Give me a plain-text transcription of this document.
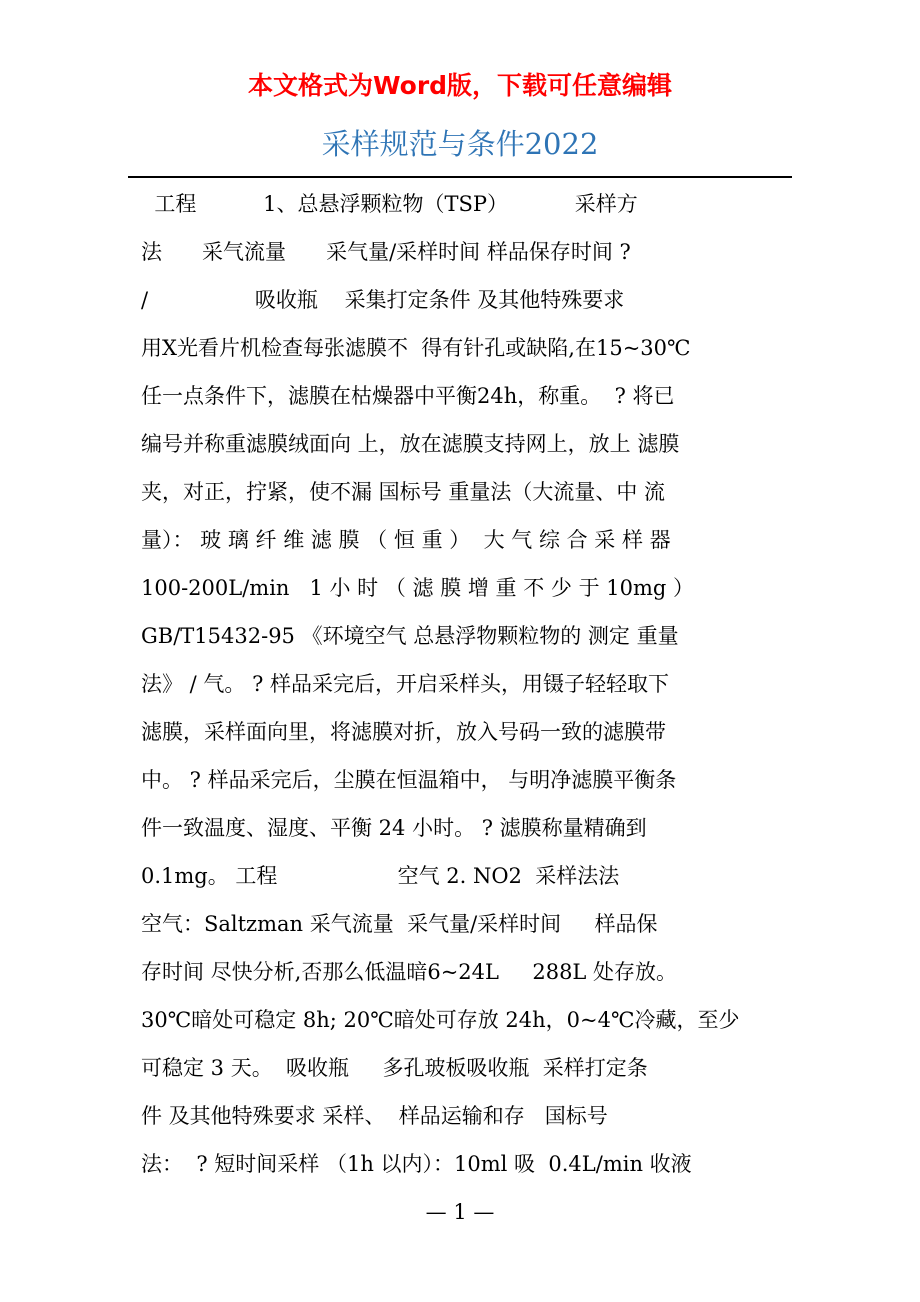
本文格式为Word版，下载可任意编辑
采样规范与条件2022
工程          1、总悬浮颗粒物（TSP）          采样方
法      采气流量      采气量/采样时间 样品保存时间 ?
/                吸收瓶    采集打定条件 及其他特殊要求
用X光看片机检查每张滤膜不  得有针孔或缺陷,在15~30℃
任一点条件下，滤膜在枯燥器中平衡24h，称重。  ? 将已
编号并称重滤膜绒面向 上，放在滤膜支持网上，放上 滤膜
夹，对正，拧紧，使不漏 国标号 重量法（大流量、中 流
量）： 玻 璃 纤 维 滤 膜 （ 恒 重 ）  大 气 综 合 采 样 器
100-200L/min   1 小 时 （ 滤 膜 增 重 不 少 于 10mg ）
GB/T15432-95 《环境空气 总悬浮物颗粒物的 测定 重量
法》 / 气。 ? 样品采完后，开启采样头，用镊子轻轻取下
滤膜，采样面向里，将滤膜对折，放入号码一致的滤膜带
中。 ? 样品采完后，尘膜在恒温箱中， 与明净滤膜平衡条
件一致温度、湿度、平衡 24 小时。 ? 滤膜称量精确到
0.1mg。 工程                  空气 2. NO2  采样法法
空气：Saltzman 采气流量  采气量/采样时间     样品保
存时间 尽快分析,否那么低温暗6~24L     288L 处存放。
30℃暗处可稳定 8h; 20℃暗处可存放 24h，0~4℃冷藏，至少
可稳定 3 天。  吸收瓶     多孔玻板吸收瓶  采样打定条
件 及其他特殊要求 采样、  样品运输和存   国标号
法：  ? 短时间采样 （1h 以内）：10ml 吸  0.4L/min 收液
— 1 —
